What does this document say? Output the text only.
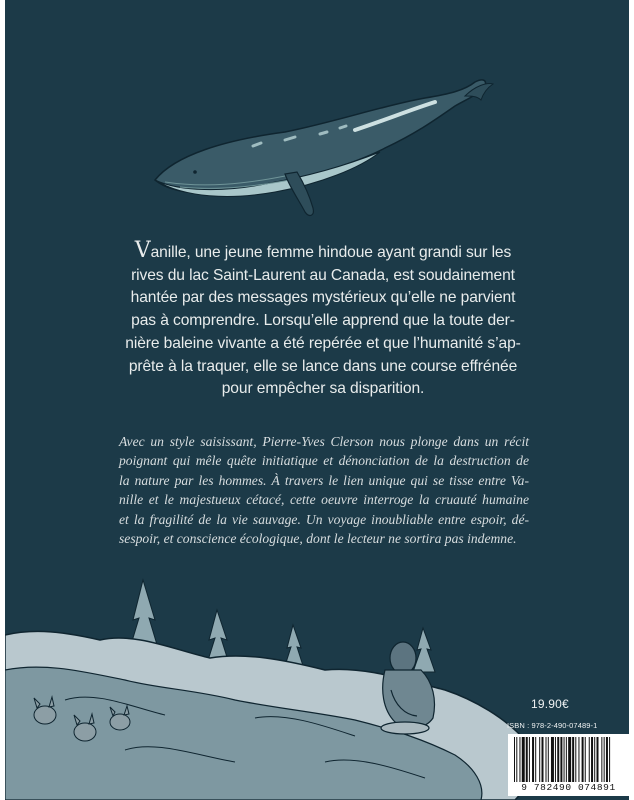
Vanille, une jeune femme hindoue ayant grandi sur les
rives du lac Saint-Laurent au Canada, est soudainement
hantée par des messages mystérieux qu’elle ne parvient
pas à comprendre. Lorsqu’elle apprend que la toute der-
nière baleine vivante a été repérée et que l’humanité s’ap-
prête à la traquer, elle se lance dans une course effrénée
pour empêcher sa disparition.

Avec un style saisissant, Pierre-Yves Clerson nous plonge dans un récit
poignant qui mêle quête initiatique et dénonciation de la destruction de
la nature par les hommes. À travers le lien unique qui se tisse entre Va-
nille et le majestueux cétacé, cette oeuvre interroge la cruauté humaine
et la fragilité de la vie sauvage. Un voyage inoubliable entre espoir, dé-
sespoir, et conscience écologique, dont le lecteur ne sortira pas indemne.

19.90€
ISBN : 978-2-490-07489-1
9 782490 074891
